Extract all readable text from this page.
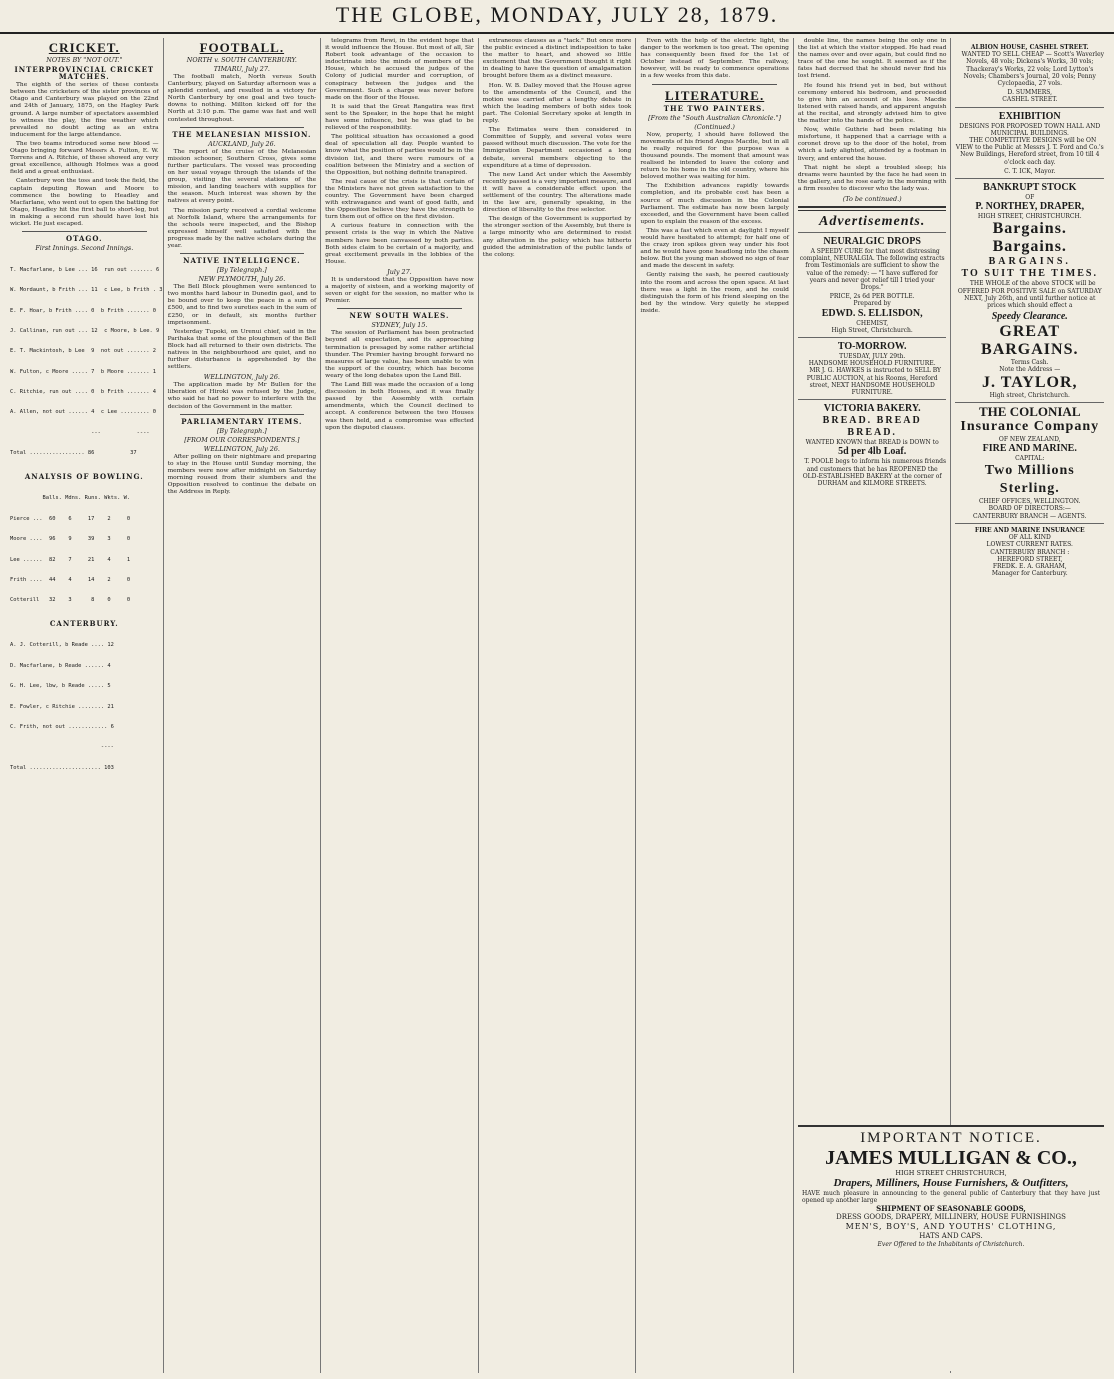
THE GLOBE, MONDAY, JULY 28, 1879.
CRICKET.
NOTES BY "NOT OUT."
INTERPROVINCIAL CRICKET MATCHES.

The eighth of the series of these contests between the cricketers of the sister provinces of Otago and Canterbury was played on the 22nd and 24th of January, 1875, on the Hagley Park ground. A large number of spectators assembled to witness the play, the fine weather which prevailed no doubt acting as an extra inducement for the large attendance.

The two teams introduced some new blood — Otago bringing forward Messrs A. Fulton, E. W. Torrens and A. Ritchie, of these showed any very great excellence, although Holmes was a good field and a great enthusiast.

Canterbury won the toss and took the field, the captain deputing Rowan and Moore to commence the bowling to Headley and Macfarlane, who went out to open the batting for Otago, Headley hit the first ball to short-leg, but in making a second run should have lost his wicket. He just escaped.

OTAGO.
First Innings. Second Innings.

T. Macfarlane, b Lee ... 16  run out ....... 6

W. Mordaunt, b Frith ... 11  c Lee, b Frith . 3

E. F. Hoar, b Frith .... 0  b Frith ....... 0

J. Callinan, run out ... 12  c Moore, b Lee. 9

E. T. Mackintosh, b Lee  9  not out ....... 2

W. Fulton, c Moore ..... 7  b Moore ....... 1

C. Ritchie, run out .... 0  b Frith ....... 4

A. Allen, not out ...... 4  c Lee ......... 0

---           ----

Total ................. 86           37

ANALYSIS OF BOWLING.

Balls. Mdns. Runs. Wkts. W.

Pierce ...  60    6     17    2     0

Moore ....  96    9     39    3     0

Lee ......  82    7     21    4     1

Frith ....  44    4     14    2     0

Cotterill   32    3      8    0     0

CANTERBURY.

A. J. Cotterill, b Reade .... 12

D. Macfarlane, b Reade ...... 4

G. H. Lee, lbw, b Reade ..... 5

E. Fowler, c Ritchie ........ 21

C. Frith, not out ............ 6

----

Total ...................... 103

FOOTBALL.
NORTH v. SOUTH CANTERBURY.
TIMARU, July 27.

The football match, North versus South Canterbury, played on Saturday afternoon was a splendid contest, and resulted in a victory for North Canterbury by one goal and two touch-downs to nothing. Millton kicked off for the North at 3:10 p.m. The game was fast and well contested throughout.

THE MELANESIAN MISSION.
AUCKLAND, July 26.

The report of the cruise of the Melanesian mission schooner, Southern Cross, gives some further particulars. The vessel was proceeding on her usual voyage through the islands of the group, visiting the several stations of the mission, and landing teachers with supplies for the season. Much interest was shown by the natives at every point.

The mission party received a cordial welcome at Norfolk Island, where the arrangements for the schools were inspected, and the Bishop expressed himself well satisfied with the progress made by the native scholars during the year.

NATIVE INTELLIGENCE.
[By Telegraph.]
NEW PLYMOUTH, July 26.

The Bell Block ploughmen were sentenced to two months hard labour in Dunedin gaol, and to be bound over to keep the peace in a sum of £500, and to find two sureties each in the sum of £250, or in default, six months further imprisonment.

Yesterday Tupoki, on Urenui chief, said in the Parihaka that some of the ploughmen of the Bell Block had all returned to their own districts. The natives in the neighbourhood are quiet, and no further disturbance is apprehended by the settlers.

WELLINGTON, July 26.

The application made by Mr Bullen for the liberation of Hiroki was refused by the Judge, who said he had no power to interfere with the decision of the Government in the matter.

PARLIAMENTARY ITEMS.
[By Telegraph.]
[FROM OUR CORRESPONDENTS.]
WELLINGTON, July 26.

After polling on their nightmare and preparing to stay in the House until Sunday morning, the members were now after midnight on Saturday morning roused from their slumbers and the Opposition resolved to continue the debate on the Address in Reply.

telegrams from Rewi, in the evident hope that it would influence the House. But most of all, Sir Robert took advantage of the occasion to indoctrinate into the minds of members of the House, which he accused the judges of the Colony of judicial murder and corruption, of conspiracy between the judges and the Government. Such a charge was never before made on the floor of the House.

It is said that the Great Rangatira was first sent to the Speaker, in the hope that he might have some influence, but he was glad to be relieved of the responsibility.

The political situation has occasioned a good deal of speculation all day. People wanted to know what the position of parties would be in the division list, and there were rumours of a coalition between the Ministry and a section of the Opposition, but nothing definite transpired.

The real cause of the crisis is that certain of the Ministers have not given satisfaction to the country. The Government have been charged with extravagance and want of good faith, and the Opposition believe they have the strength to turn them out of office on the first division.

A curious feature in connection with the present crisis is the way in which the Native members have been canvassed by both parties. Both sides claim to be certain of a majority, and great excitement prevails in the lobbies of the House.

July 27.

It is understood that the Opposition have now a majority of sixteen, and a working majority of seven or eight for the session, no matter who is Premier.

NEW SOUTH WALES.
SYDNEY, July 15.

The session of Parliament has been protracted beyond all expectation, and its approaching termination is presaged by some rather artificial thunder. The Premier having brought forward no measures of large value, has been unable to win the support of the country, which has become weary of the long debates upon the Land Bill.

The Land Bill was made the occasion of a long discussion in both Houses, and it was finally passed by the Assembly with certain amendments, which the Council declined to accept. A conference between the two Houses was then held, and a compromise was effected upon the disputed clauses.

extraneous clauses as a "tack." But once more the public evinced a distinct indisposition to take the matter to heart, and showed so little excitement that the Government thought it right in dealing to have the question of amalgamation brought before them as a distinct measure.

Hon. W. B. Dalley moved that the House agree to the amendments of the Council, and the motion was carried after a lengthy debate in which the leading members of both sides took part. The Colonial Secretary spoke at length in reply.

The Estimates were then considered in Committee of Supply, and several votes were passed without much discussion. The vote for the Immigration Department occasioned a long debate, several members objecting to the expenditure at a time of depression.

The new Land Act under which the Assembly recently passed is a very important measure, and it will have a considerable effect upon the settlement of the country. The alterations made in the law are, generally speaking, in the direction of liberality to the free selector.

The design of the Government is supported by the stronger section of the Assembly, but there is a large minority who are determined to resist any alteration in the policy which has hitherto guided the administration of the public lands of the colony.

Even with the help of the electric light, the danger to the workmen is too great. The opening has consequently been fixed for the 1st of October instead of September. The railway, however, will be ready to commence operations in a few weeks from this date.

LITERATURE.
THE TWO PAINTERS.
[From the "South Australian Chronicle."]
(Continued.)

Now, property, I should have followed the movements of his friend Angus Macdie, but in all he really required for the purpose was a thousand pounds. The moment that amount was realised he intended to leave the colony and return to his home in the old country, where his beloved mother was waiting for him.

The Exhibition advances rapidly towards completion, and its probable cost has been a source of much discussion in the Colonial Parliament. The estimate has now been largely exceeded, and the Government have been called upon to explain the reason of the excess.

This was a fast which even at daylight I myself would have hesitated to attempt; for half one of the crazy iron spikes given way under his foot and he would have gone headlong into the chasm below. But the young man showed no sign of fear and made the descent in safety.

Gently raising the sash, he peered cautiously into the room and across the open space. At last there was a light in the room, and he could distinguish the form of his friend sleeping on the bed by the window. Very quietly he stepped inside.

double line, the names being the only one in the list at which the visitor stopped. He had read the names over and over again, but could find no trace of the one he sought. It seemed as if the fates had decreed that he should never find his lost friend.

He found his friend yet in bed, but without ceremony entered his bedroom, and proceeded to give him an account of his loss. Macdie listened with raised hands, and apparent anguish at the recital, and strongly advised him to give the matter into the hands of the police.

Now, while Guthrie had been relating his misfortune, it happened that a carriage with a coronet drove up to the door of the hotel, from which a lady alighted, attended by a footman in livery, and entered the house.

That night he slept a troubled sleep; his dreams were haunted by the face he had seen in the gallery, and he rose early in the morning with a firm resolve to discover who the lady was.

(To be continued.)
Advertisements.
NEURALGIC DROPS

A SPEEDY CURE for that most distressing complaint, NEURALGIA. The following extracts from Testimonials are sufficient to show the value of the remedy: — "I have suffered for years and never got relief till I tried your Drops."

PRICE, 2s 6d PER BOTTLE.
Prepared by
EDWD. S. ELLISDON,
CHEMIST,
High Street, Christchurch.
TO-MORROW.
TUESDAY, JULY 29th.
HANDSOME HOUSEHOLD FURNITURE.

MR J. G. HAWKES is instructed to SELL BY PUBLIC AUCTION, at his Rooms, Hereford street, NEXT HANDSOME HOUSEHOLD FURNITURE.

VICTORIA BAKERY.
BREAD. BREAD BREAD.
WANTED KNOWN that BREAD is DOWN to
5d per 4lb Loaf.

T. POOLE begs to inform his numerous friends and customers that he has REOPENED the OLD-ESTABLISHED BAKERY at the corner of DURHAM and KILMORE STREETS.

ALBION HOUSE, CASHEL STREET.

WANTED TO SELL CHEAP — Scott's Waverley Novels, 48 vols; Dickens's Works, 30 vols; Thackeray's Works, 22 vols; Lord Lytton's Novels; Chambers's Journal, 20 vols; Penny Cyclopaedia, 27 vols.

D. SUMMERS,
CASHEL STREET.
EXHIBITION
DESIGNS FOR PROPOSED TOWN HALL AND MUNICIPAL BUILDINGS.

THE COMPETITIVE DESIGNS will be ON VIEW to the Public at Messrs J. T. Ford and Co.'s New Buildings, Hereford street, from 10 till 4 o'clock each day.

C. T. ICK, Mayor.
BANKRUPT STOCK
OF
P. NORTHEY, DRAPER,
HIGH STREET, CHRISTCHURCH.
Bargains. Bargains.
BARGAINS.
TO SUIT THE TIMES.

THE WHOLE of the above STOCK will be OFFERED FOR POSITIVE SALE on SATURDAY NEXT, July 26th, and until further notice at prices which should effect a

Speedy Clearance.
GREAT BARGAINS.
Terms Cash.
Note the Address —
J. TAYLOR,
High street, Christchurch.
THE COLONIAL
Insurance Company
OF NEW ZEALAND,
FIRE AND MARINE.
CAPITAL:
Two Millions Sterling.
CHIEF OFFICES, WELLINGTON.
BOARD OF DIRECTORS:—
CANTERBURY BRANCH — AGENTS.
FIRE AND MARINE INSURANCE
OF ALL KIND
LOWEST CURRENT RATES.
CANTERBURY BRANCH :
HEREFORD STREET,
FREDK. E. A. GRAHAM,
Manager for Canterbury.
IMPORTANT NOTICE.
JAMES MULLIGAN & CO.,
HIGH STREET CHRISTCHURCH,
Drapers, Milliners, House Furnishers, & Outfitters,
HAVE much pleasure in announcing to the general public of Canterbury that they have just opened up another large
SHIPMENT OF SEASONABLE GOODS,
DRESS GOODS, DRAPERY, MILLINERY, HOUSE FURNISHINGS
MEN'S, BOY'S, AND YOUTHS' CLOTHING,
HATS AND CAPS.
Ever Offered to the Inhabitants of Christchurch.
